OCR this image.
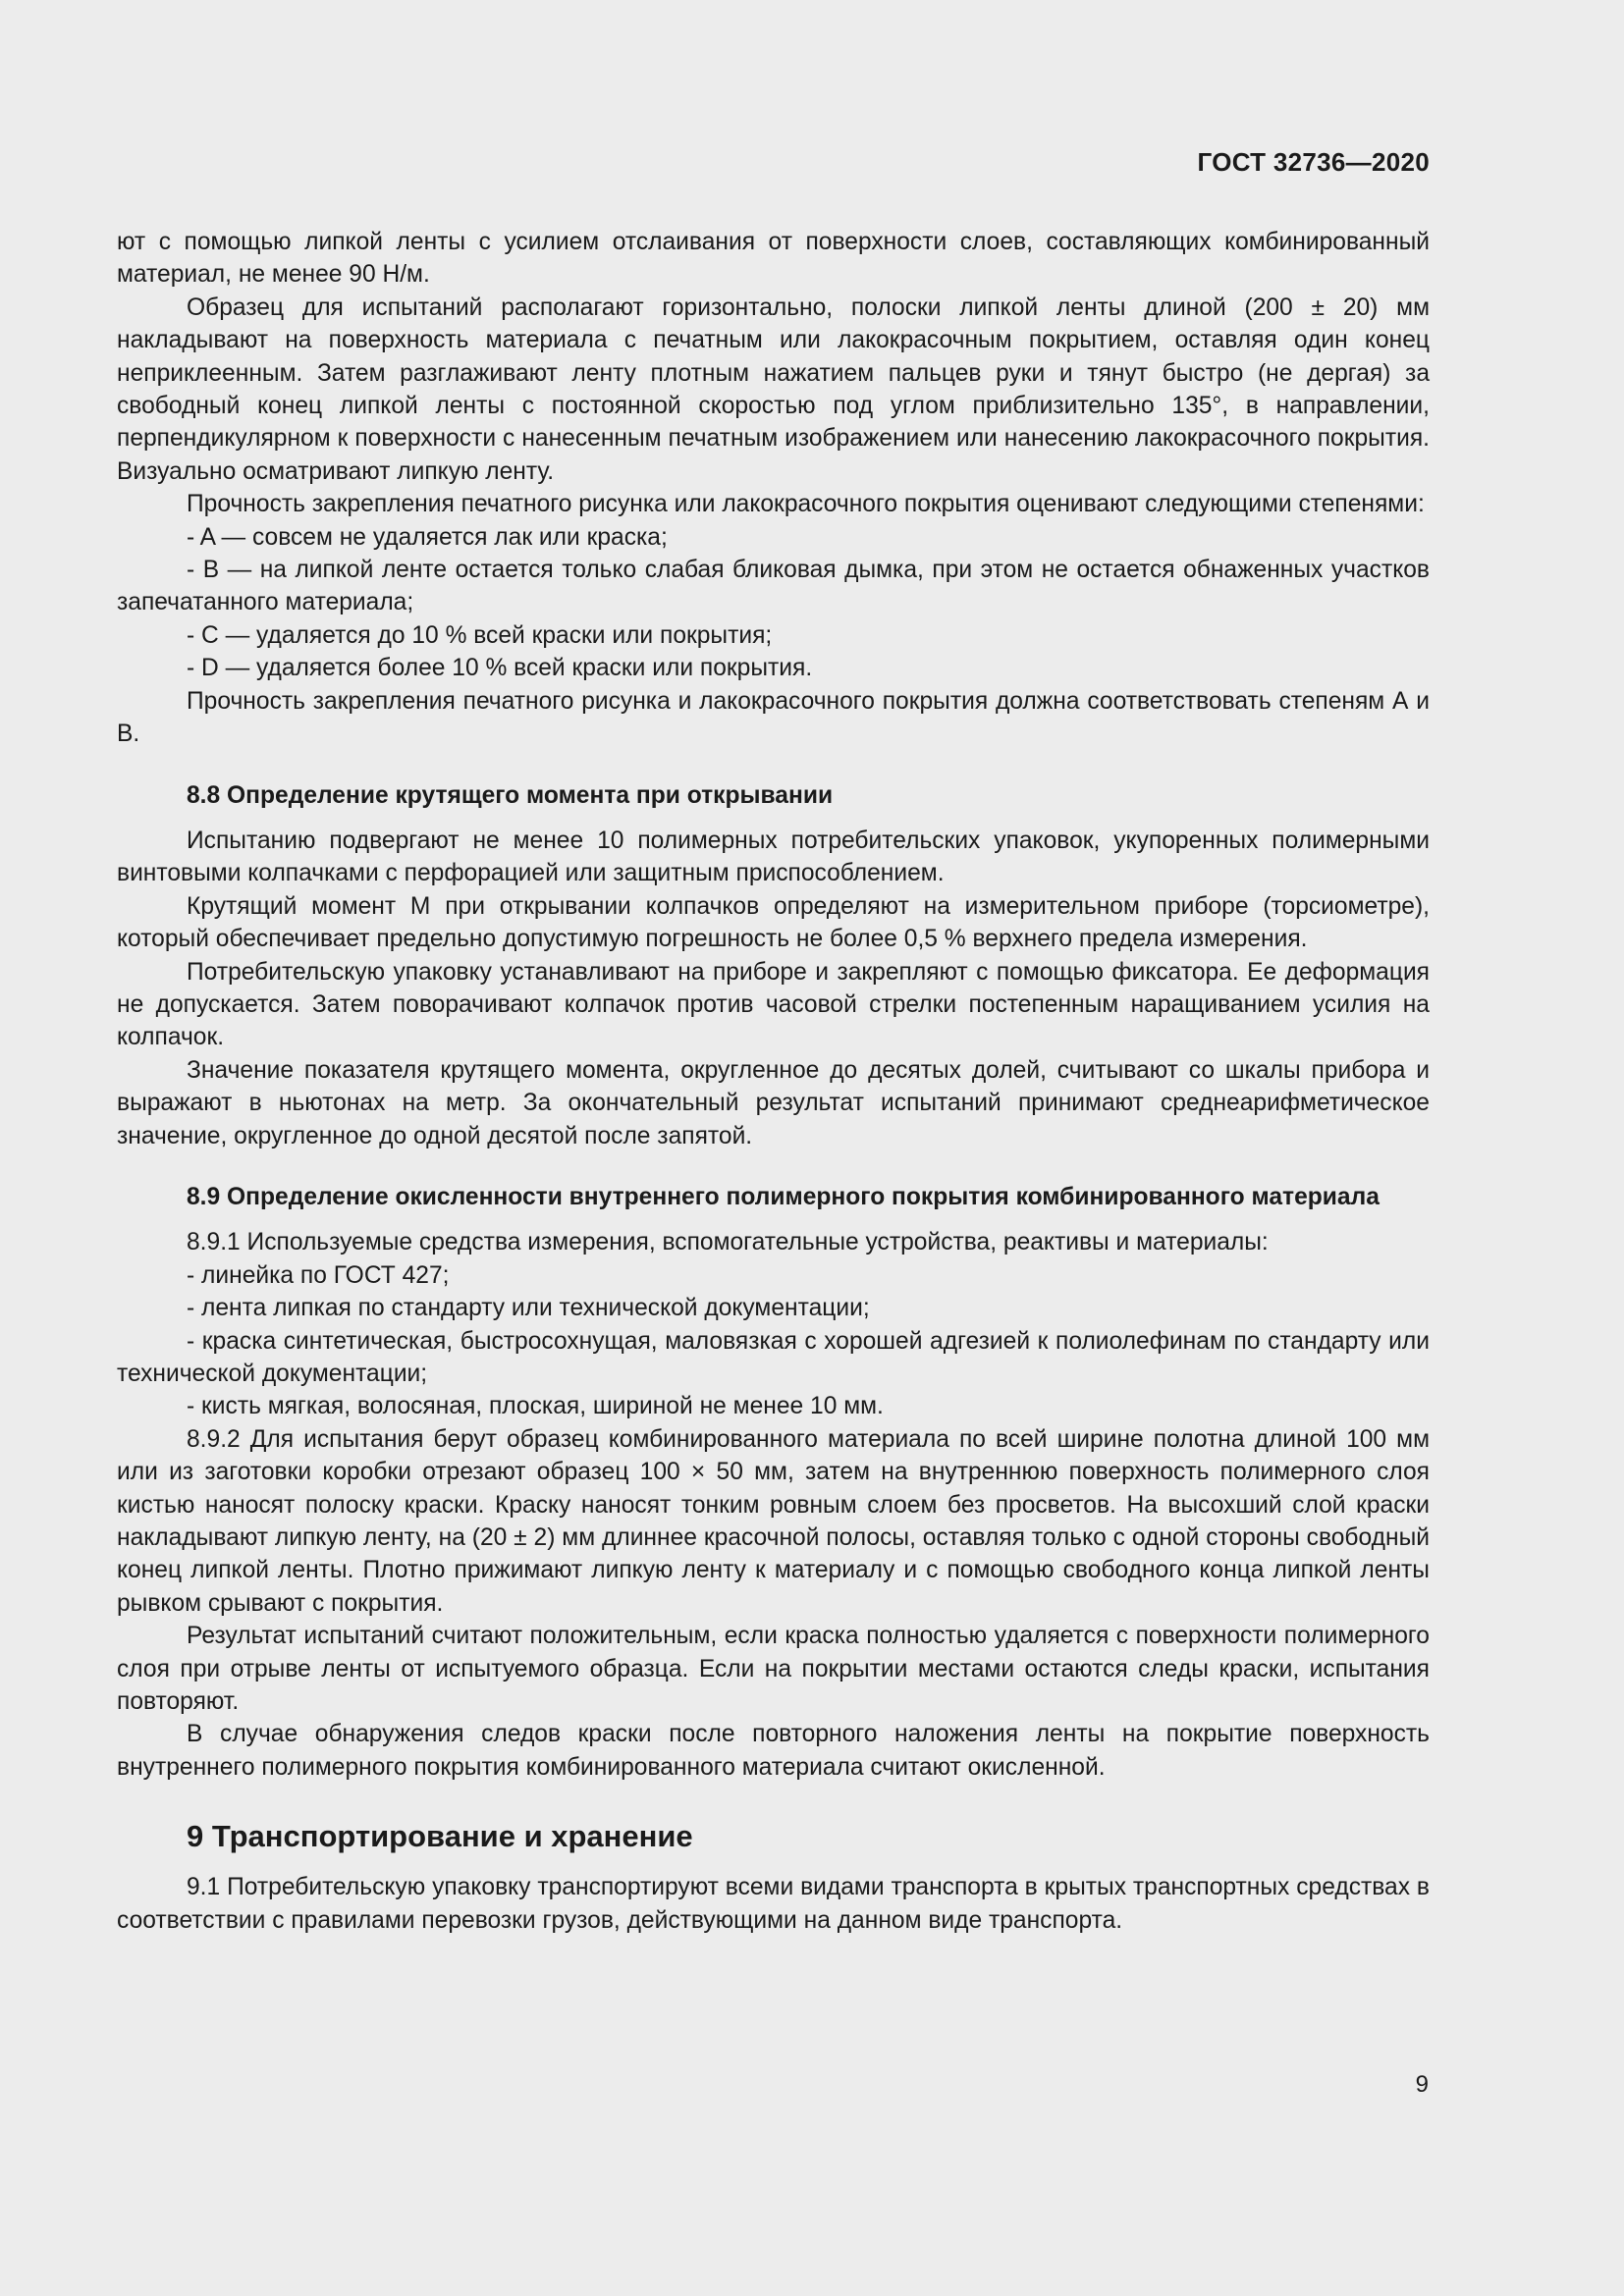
ГОСТ 32736—2020
ют с помощью липкой ленты с усилием отслаивания от поверхности слоев, составляющих комбинированный материал, не менее 90 Н/м.
Образец для испытаний располагают горизонтально, полоски липкой ленты длиной (200 ± 20) мм накладывают на поверхность материала с печатным или лакокрасочным покрытием, оставляя один конец неприклеенным. Затем разглаживают ленту плотным нажатием пальцев руки и тянут быстро (не дергая) за свободный конец липкой ленты с постоянной скоростью под углом приблизительно 135°, в направлении, перпендикулярном к поверхности с нанесенным печатным изображением или нанесению лакокрасочного покрытия. Визуально осматривают липкую ленту.
Прочность закрепления печатного рисунка или лакокрасочного покрытия оценивают следующими степенями:
- A — совсем не удаляется лак или краска;
- B — на липкой ленте остается только слабая бликовая дымка, при этом не остается обнаженных участков запечатанного материала;
- C — удаляется до 10 % всей краски или покрытия;
- D — удаляется более 10 % всей краски или покрытия.
Прочность закрепления печатного рисунка и лакокрасочного покрытия должна соответствовать степеням А и В.
8.8 Определение крутящего момента при открывании
Испытанию подвергают не менее 10 полимерных потребительских упаковок, укупоренных полимерными винтовыми колпачками с перфорацией или защитным приспособлением.
Крутящий момент М при открывании колпачков определяют на измерительном приборе (торсиометре), который обеспечивает предельно допустимую погрешность не более 0,5 % верхнего предела измерения.
Потребительскую упаковку устанавливают на приборе и закрепляют с помощью фиксатора. Ее деформация не допускается. Затем поворачивают колпачок против часовой стрелки постепенным наращиванием усилия на колпачок.
Значение показателя крутящего момента, округленное до десятых долей, считывают со шкалы прибора и выражают в ньютонах на метр. За окончательный результат испытаний принимают среднеарифметическое значение, округленное до одной десятой после запятой.
8.9 Определение окисленности внутреннего полимерного покрытия комбинированного материала
8.9.1 Используемые средства измерения, вспомогательные устройства, реактивы и материалы:
- линейка по ГОСТ 427;
- лента липкая по стандарту или технической документации;
- краска синтетическая, быстросохнущая, маловязкая с хорошей адгезией к полиолефинам по стандарту или технической документации;
- кисть мягкая, волосяная, плоская, шириной не менее 10 мм.
8.9.2 Для испытания берут образец комбинированного материала по всей ширине полотна длиной 100 мм или из заготовки коробки отрезают образец 100 × 50 мм, затем на внутреннюю поверхность полимерного слоя кистью наносят полоску краски. Краску наносят тонким ровным слоем без просветов. На высохший слой краски накладывают липкую ленту, на (20 ± 2) мм длиннее красочной полосы, оставляя только с одной стороны свободный конец липкой ленты. Плотно прижимают липкую ленту к материалу и с помощью свободного конца липкой ленты рывком срывают с покрытия.
Результат испытаний считают положительным, если краска полностью удаляется с поверхности полимерного слоя при отрыве ленты от испытуемого образца. Если на покрытии местами остаются следы краски, испытания повторяют.
В случае обнаружения следов краски после повторного наложения ленты на покрытие поверхность внутреннего полимерного покрытия комбинированного материала считают окисленной.
9 Транспортирование и хранение
9.1 Потребительскую упаковку транспортируют всеми видами транспорта в крытых транспортных средствах в соответствии с правилами перевозки грузов, действующими на данном виде транспорта.
9
